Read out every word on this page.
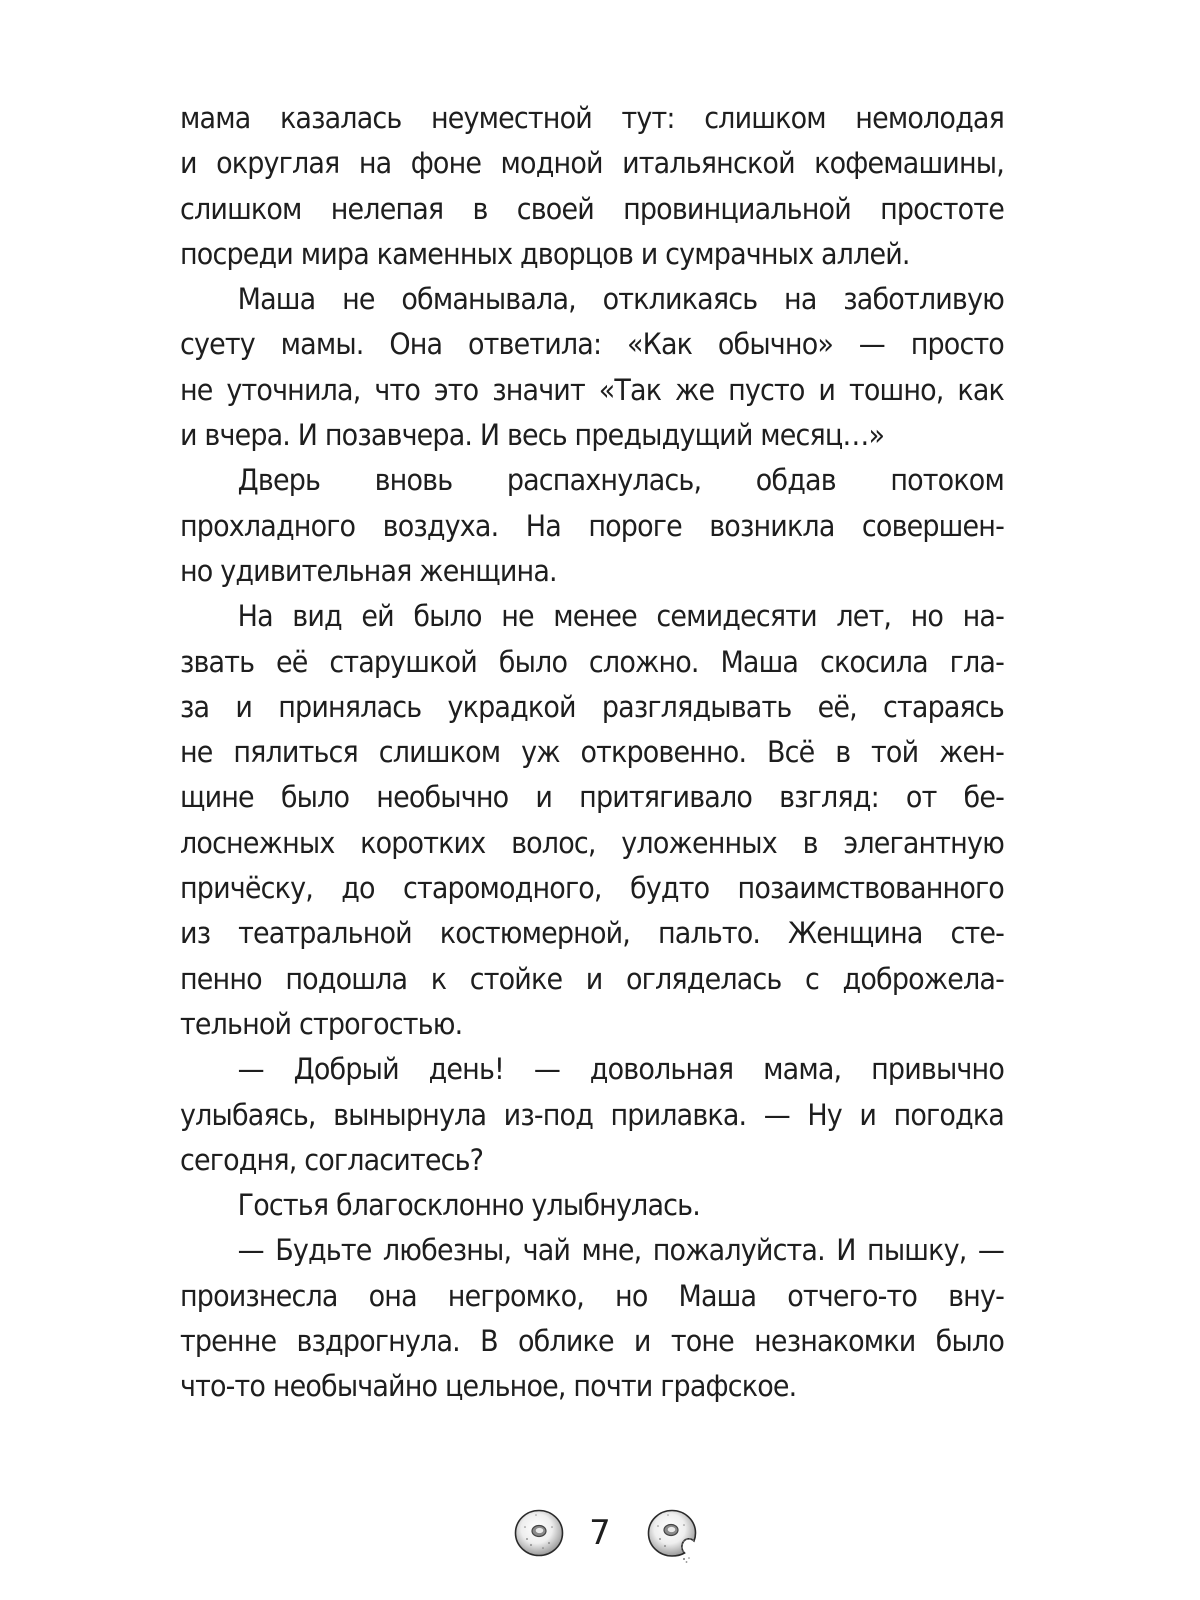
мама казалась неуместной тут: слишком немолодая
и округлая на фоне модной итальянской кофемашины,
слишком нелепая в своей провинциальной простоте
посреди мира каменных дворцов и сумрачных аллей.
Маша не обманывала, откликаясь на заботливую
суету мамы. Она ответила: «Как обычно» — просто
не уточнила, что это значит «Так же пусто и тошно, как
и вчера. И позавчера. И весь предыдущий месяц…»
Дверь вновь распахнулась, обдав потоком
прохладного воздуха. На пороге возникла совершен-
но удивительная женщина.
На вид ей было не менее семидесяти лет, но на-
звать её старушкой было сложно. Маша скосила гла-
за и принялась украдкой разглядывать её, стараясь
не пялиться слишком уж откровенно. Всё в той жен-
щине было необычно и притягивало взгляд: от бе-
лоснежных коротких волос, уложенных в элегантную
причёску, до старомодного, будто позаимствованного
из театральной костюмерной, пальто. Женщина сте-
пенно подошла к стойке и огляделась с доброжела-
тельной строгостью.
— Добрый день! — довольная мама, привычно
улыбаясь, вынырнула из-под прилавка. — Ну и погодка
сегодня, согласитесь?
Гостья благосклонно улыбнулась.
— Будьте любезны, чай мне, пожалуйста. И пышку, —
произнесла она негромко, но Маша отчего-то вну-
тренне вздрогнула. В облике и тоне незнакомки было
что-то необычайно цельное, почти графское.
7
